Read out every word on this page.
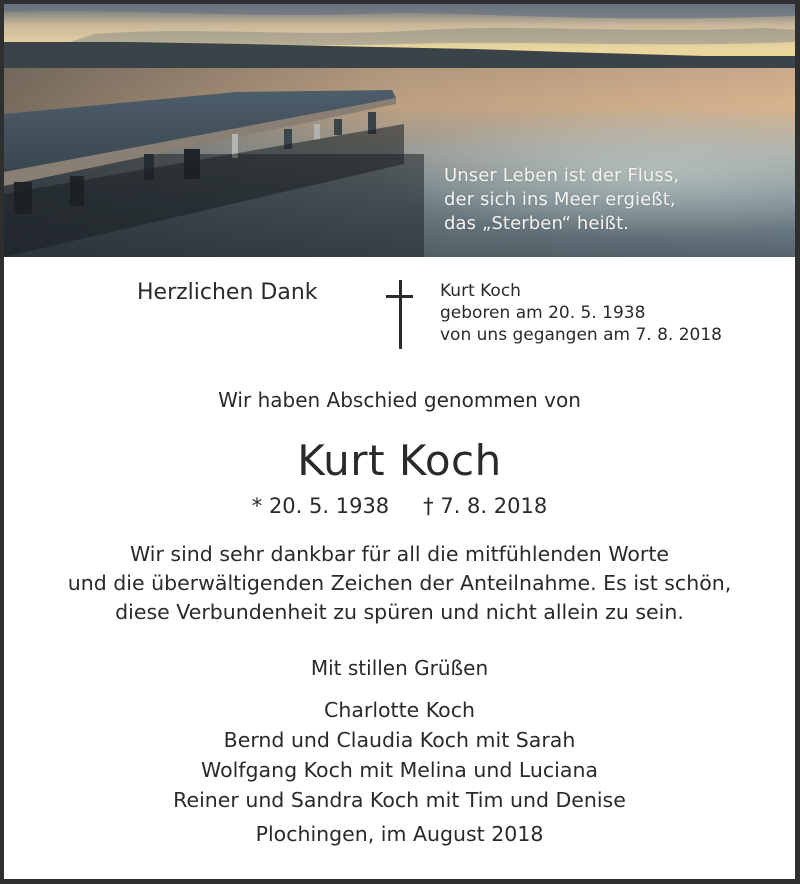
Unser Leben ist der Fluss,
der sich ins Meer ergießt,
das „Sterben“ heißt.
Herzlichen Dank	Kurt Koch
geboren am 20. 5. 1938
von uns gegangen am 7. 8. 2018
Wir haben Abschied genommen von
Kurt Koch
* 20. 5. 1938 † 7. 8. 2018
Wir sind sehr dankbar für all die mitfühlenden Worte
und die überwältigenden Zeichen der Anteilnahme. Es ist schön,
diese Verbundenheit zu spüren und nicht allein zu sein.
Mit stillen Grüßen
Charlotte Koch
Bernd und Claudia Koch mit Sarah
Wolfgang Koch mit Melina und Luciana
Reiner und Sandra Koch mit Tim und Denise
Plochingen, im August 2018
